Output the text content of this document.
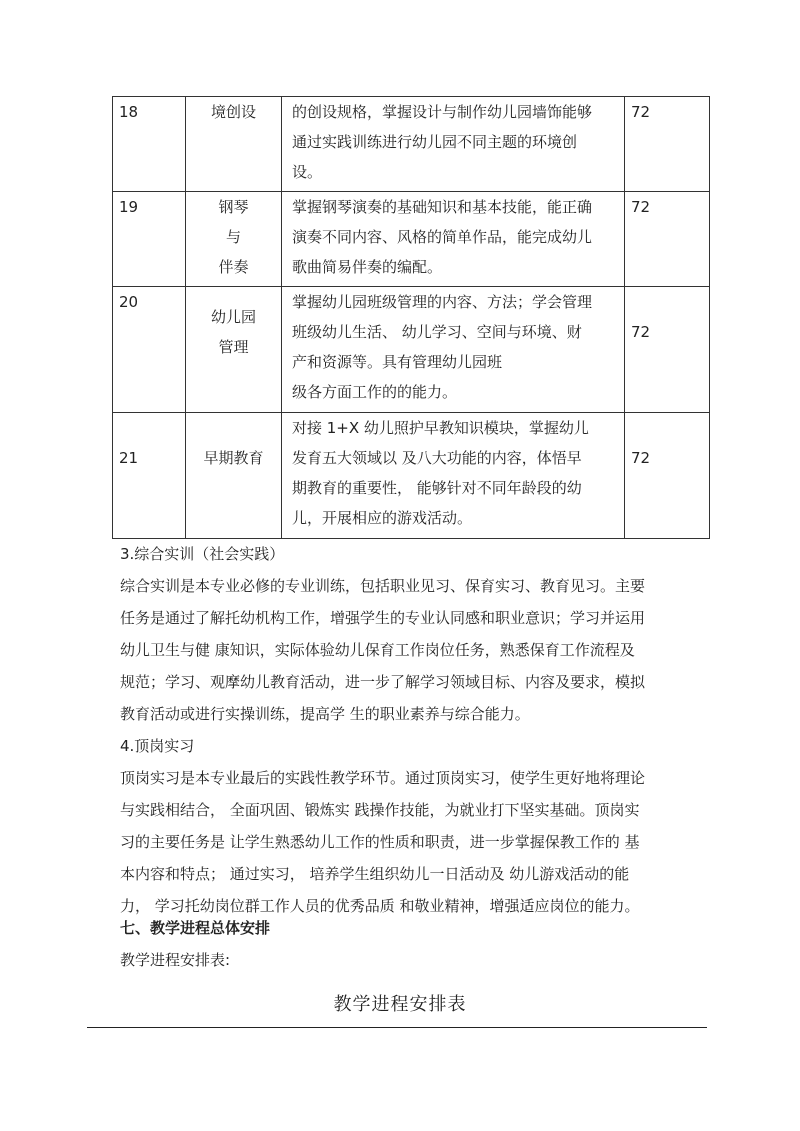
18	境创设	的创设规格，掌握设计与制作幼儿园墙饰能够
通过实践训练进行幼儿园不同主题的环境创
设。	72
19	钢琴
与
伴奏	掌握钢琴演奏的基础知识和基本技能，能正确
演奏不同内容、风格的简单作品，能完成幼儿
歌曲简易伴奏的编配。	72
20	幼儿园
管理	掌握幼儿园班级管理的内容、方法；学会管理
班级幼儿生活、 幼儿学习、空间与环境、财
产和资源等。具有管理幼儿园班
级各方面工作的的能力。	72
21	早期教育	对接 1+X 幼儿照护早教知识模块，掌握幼儿
发育五大领域以 及八大功能的内容，体悟早
期教育的重要性， 能够针对不同年龄段的幼
儿，开展相应的游戏活动。	72
3.综合实训（社会实践）
综合实训是本专业必修的专业训练，包括职业见习、保育实习、教育见习。主要
任务是通过了解托幼机构工作，增强学生的专业认同感和职业意识；学习并运用
幼儿卫生与健 康知识，实际体验幼儿保育工作岗位任务，熟悉保育工作流程及
规范；学习、观摩幼儿教育活动，进一步了解学习领域目标、内容及要求，模拟
教育活动或进行实操训练，提高学 生的职业素养与综合能力。
4.顶岗实习
顶岗实习是本专业最后的实践性教学环节。通过顶岗实习，使学生更好地将理论
与实践相结合， 全面巩固、锻炼实 践操作技能，为就业打下坚实基础。顶岗实
习的主要任务是 让学生熟悉幼儿工作的性质和职责，进一步掌握保教工作的 基
本内容和特点； 通过实习， 培养学生组织幼儿一日活动及 幼儿游戏活动的能
力， 学习托幼岗位群工作人员的优秀品质 和敬业精神，增强适应岗位的能力。
七、教学进程总体安排
教学进程安排表:
教学进程安排表
